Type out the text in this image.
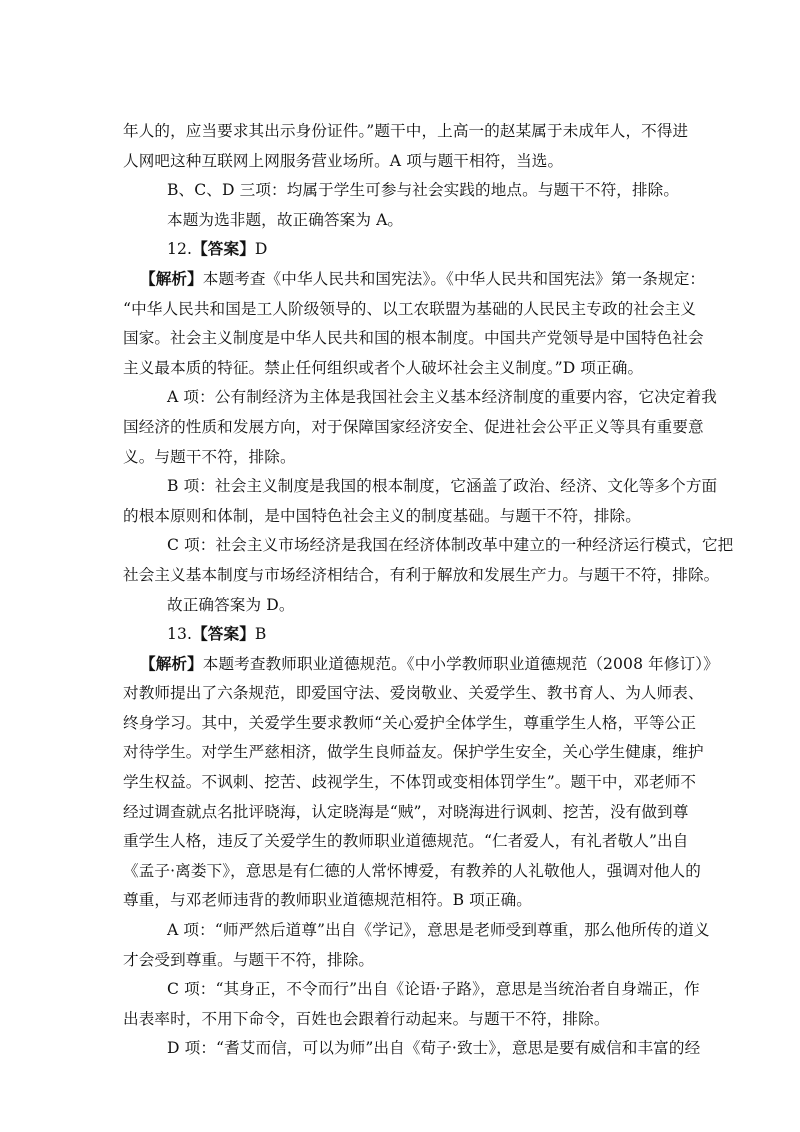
年人的，应当要求其出示身份证件。”题干中，上高一的赵某属于未成年人，不得进
人网吧这种互联网上网服务营业场所。A 项与题干相符，当选。
B、C、D 三项：均属于学生可参与社会实践的地点。与题干不符，排除。
本题为选非题，故正确答案为 A。
12.【答案】D
【解析】本题考查《中华人民共和国宪法》。《中华人民共和国宪法》第一条规定：
“中华人民共和国是工人阶级领导的、以工农联盟为基础的人民民主专政的社会主义
国家。社会主义制度是中华人民共和国的根本制度。中国共产党领导是中国特色社会
主义最本质的特征。禁止任何组织或者个人破坏社会主义制度。”D 项正确。
A 项：公有制经济为主体是我国社会主义基本经济制度的重要内容，它决定着我
国经济的性质和发展方向，对于保障国家经济安全、促进社会公平正义等具有重要意
义。与题干不符，排除。
B 项：社会主义制度是我国的根本制度，它涵盖了政治、经济、文化等多个方面
的根本原则和体制，是中国特色社会主义的制度基础。与题干不符，排除。
C 项：社会主义市场经济是我国在经济体制改革中建立的一种经济运行模式，它把
社会主义基本制度与市场经济相结合，有利于解放和发展生产力。与题干不符，排除。
故正确答案为 D。
13.【答案】B
【解析】本题考查教师职业道德规范。《中小学教师职业道德规范（2008 年修订）》
对教师提出了六条规范，即爱国守法、爱岗敬业、关爱学生、教书育人、为人师表、
终身学习。其中，关爱学生要求教师“关心爱护全体学生，尊重学生人格，平等公正
对待学生。对学生严慈相济，做学生良师益友。保护学生安全，关心学生健康，维护
学生权益。不讽刺、挖苦、歧视学生，不体罚或变相体罚学生”。题干中，邓老师不
经过调查就点名批评晓海，认定晓海是“贼”，对晓海进行讽刺、挖苦，没有做到尊
重学生人格，违反了关爱学生的教师职业道德规范。“仁者爱人，有礼者敬人”出自
《孟子·离娄下》，意思是有仁德的人常怀博爱，有教养的人礼敬他人，强调对他人的
尊重，与邓老师违背的教师职业道德规范相符。B 项正确。
A 项：“师严然后道尊”出自《学记》，意思是老师受到尊重，那么他所传的道义
才会受到尊重。与题干不符，排除。
C 项：“其身正，不令而行”出自《论语·子路》，意思是当统治者自身端正，作
出表率时，不用下命令，百姓也会跟着行动起来。与题干不符，排除。
D 项：“耆艾而信，可以为师”出自《荀子·致士》，意思是要有威信和丰富的经
